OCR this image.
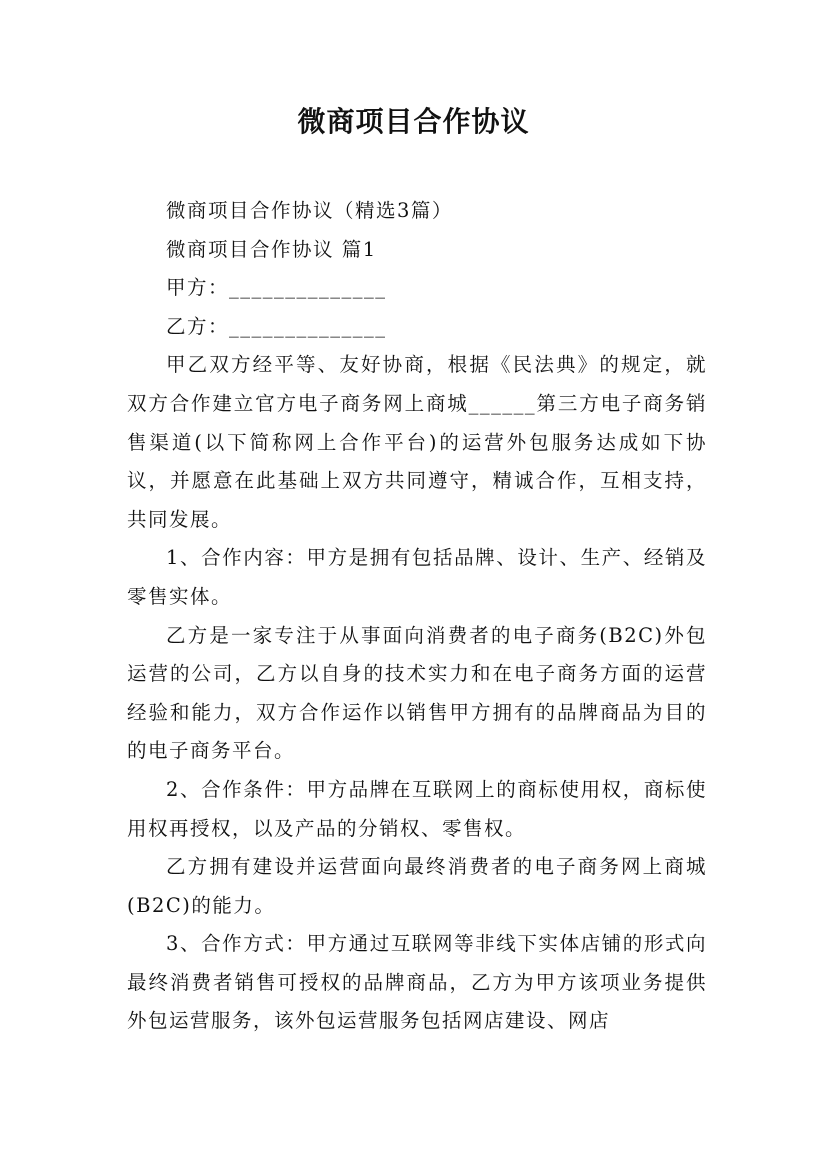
微商项目合作协议

微商项目合作协议（精选3篇）

微商项目合作协议 篇1

甲方：______________

乙方：______________

甲乙双方经平等、友好协商，根据《民法典》的规定，就双方合作建立官方电子商务网上商城______第三方电子商务销售渠道(以下简称网上合作平台)的运营外包服务达成如下协议，并愿意在此基础上双方共同遵守，精诚合作，互相支持，共同发展。

1、合作内容：甲方是拥有包括品牌、设计、生产、经销及零售实体。

乙方是一家专注于从事面向消费者的电子商务(B2C)外包运营的公司，乙方以自身的技术实力和在电子商务方面的运营经验和能力，双方合作运作以销售甲方拥有的品牌商品为目的的电子商务平台。

2、合作条件：甲方品牌在互联网上的商标使用权，商标使用权再授权，以及产品的分销权、零售权。

乙方拥有建设并运营面向最终消费者的电子商务网上商城(B2C)的能力。

3、合作方式：甲方通过互联网等非线下实体店铺的形式向最终消费者销售可授权的品牌商品，乙方为甲方该项业务提供外包运营服务，该外包运营服务包括网店建设、网店
